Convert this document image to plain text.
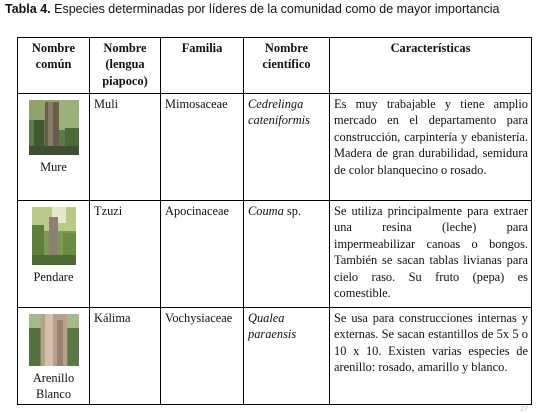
Tabla 4. Especies determinadas por líderes de la comunidad como de mayor importancia
Nombre común	Nombre (lengua piapoco)	Familia	Nombre científico	Características

Mure	Muli	Mimosaceae	Cedrelinga cateniformis	Es muy trabajable y tiene amplio mercado en el departamento para construcción, carpintería y ebanistería. Madera de gran durabilidad, semidura de color blanquecino o rosado.

Pendare	Tzuzi	Apocinaceae	Couma sp.	Se utiliza principalmente para extraer una resina (leche) para impermeabilizar canoas o bongos. También se sacan tablas livianas para cielo raso. Su fruto (pepa) es comestible.

Arenillo Blanco	Kálima	Vochysiaceae	Qualea paraensis	Se usa para construcciones internas y externas. Se sacan estantillos de 5x 5 o 10 x 10. Existen varias especies de arenillo: rosado, amarillo y blanco.
27
